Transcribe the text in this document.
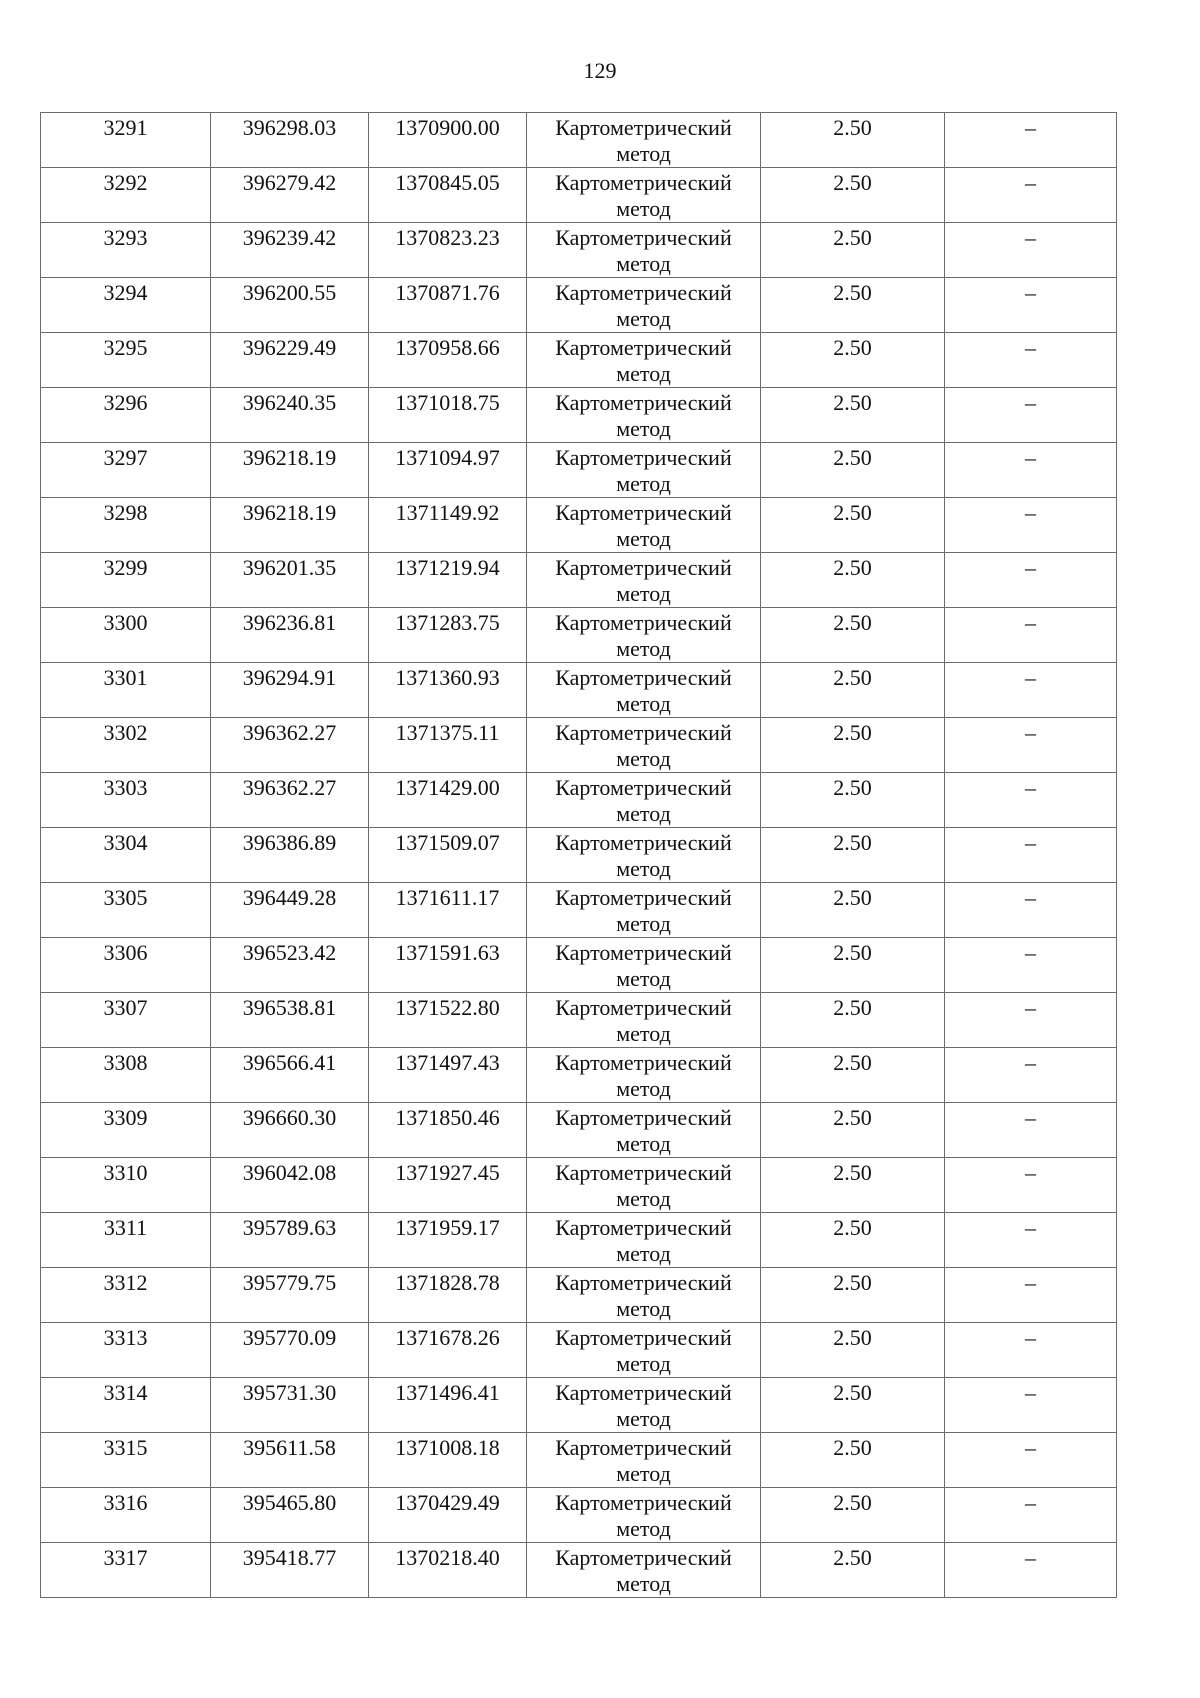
129
3291	396298.03	1370900.00	Картометрический метод	2.50	–
3292	396279.42	1370845.05	Картометрический метод	2.50	–
3293	396239.42	1370823.23	Картометрический метод	2.50	–
3294	396200.55	1370871.76	Картометрический метод	2.50	–
3295	396229.49	1370958.66	Картометрический метод	2.50	–
3296	396240.35	1371018.75	Картометрический метод	2.50	–
3297	396218.19	1371094.97	Картометрический метод	2.50	–
3298	396218.19	1371149.92	Картометрический метод	2.50	–
3299	396201.35	1371219.94	Картометрический метод	2.50	–
3300	396236.81	1371283.75	Картометрический метод	2.50	–
3301	396294.91	1371360.93	Картометрический метод	2.50	–
3302	396362.27	1371375.11	Картометрический метод	2.50	–
3303	396362.27	1371429.00	Картометрический метод	2.50	–
3304	396386.89	1371509.07	Картометрический метод	2.50	–
3305	396449.28	1371611.17	Картометрический метод	2.50	–
3306	396523.42	1371591.63	Картометрический метод	2.50	–
3307	396538.81	1371522.80	Картометрический метод	2.50	–
3308	396566.41	1371497.43	Картометрический метод	2.50	–
3309	396660.30	1371850.46	Картометрический метод	2.50	–
3310	396042.08	1371927.45	Картометрический метод	2.50	–
3311	395789.63	1371959.17	Картометрический метод	2.50	–
3312	395779.75	1371828.78	Картометрический метод	2.50	–
3313	395770.09	1371678.26	Картометрический метод	2.50	–
3314	395731.30	1371496.41	Картометрический метод	2.50	–
3315	395611.58	1371008.18	Картометрический метод	2.50	–
3316	395465.80	1370429.49	Картометрический метод	2.50	–
3317	395418.77	1370218.40	Картометрический метод	2.50	–
